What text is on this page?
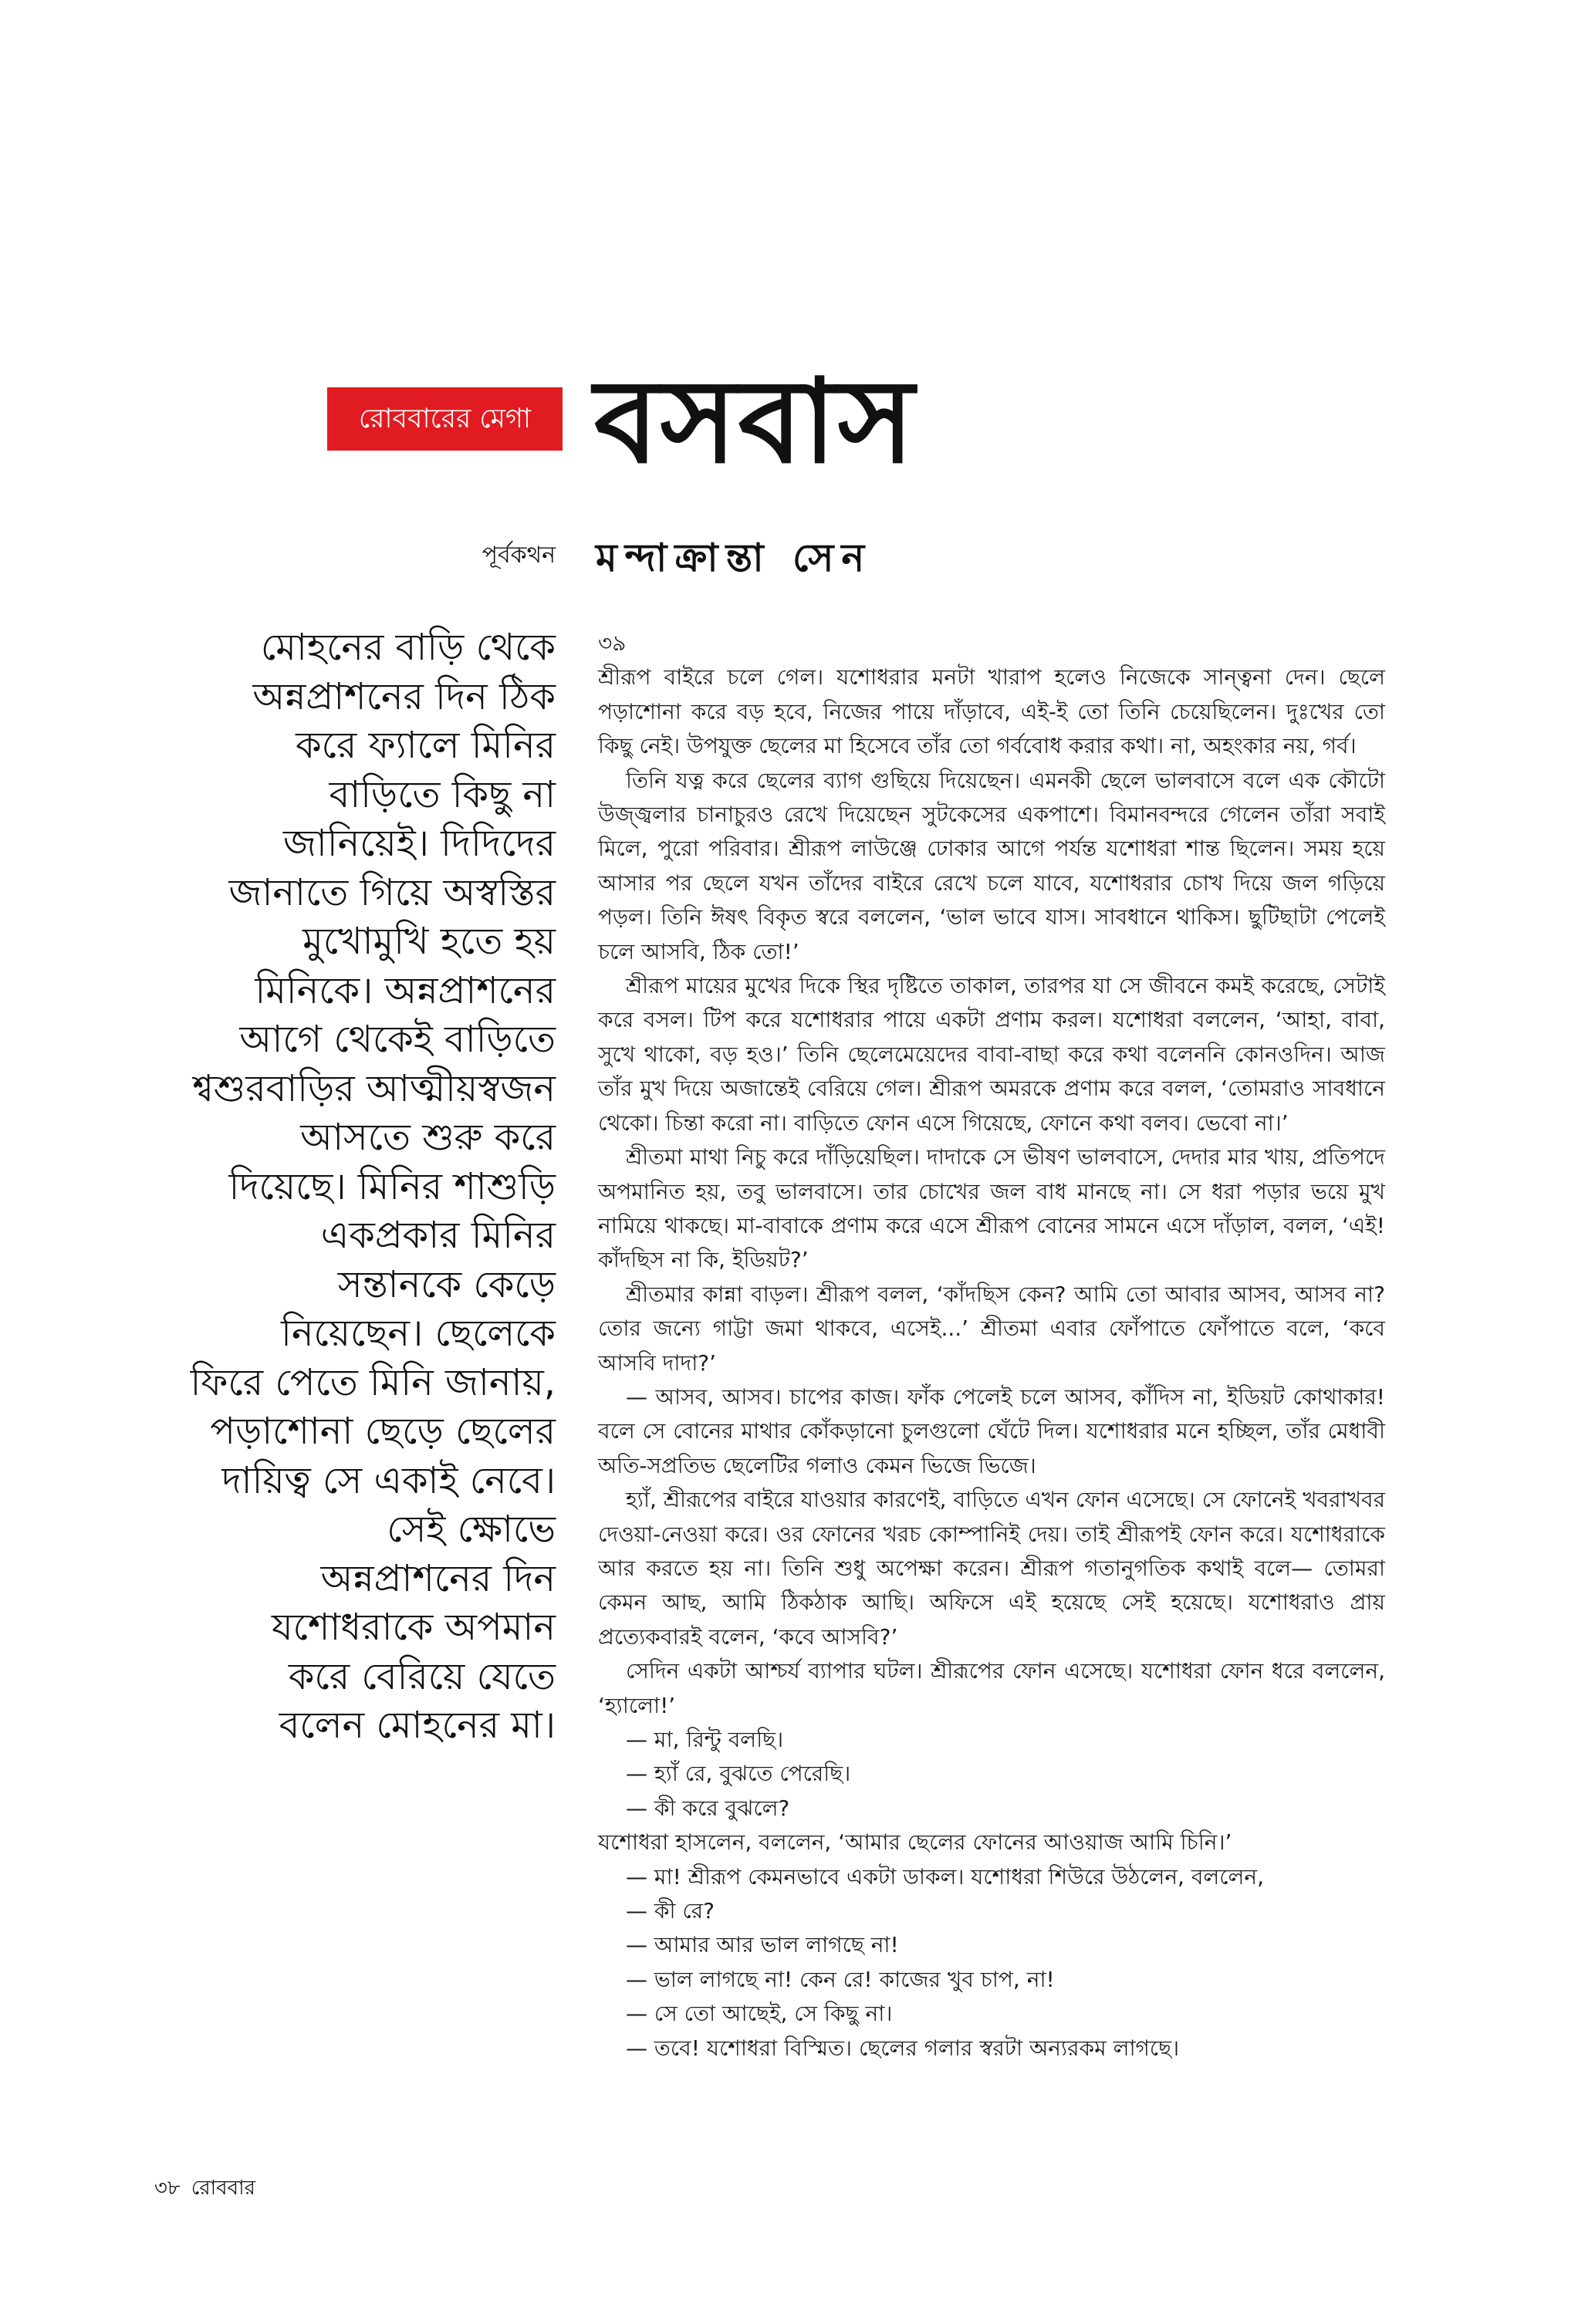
রোববারের মেগা বসবাস
পূর্বকথন মন্দাক্রান্তা সেন
মোহনের বাড়ি থেকে
অন্নপ্রাশনের দিন ঠিক
করে ফ্যালে মিনির
বাড়িতে কিছু না
জানিয়েই। দিদিদের
জানাতে গিয়ে অস্বস্তির
মুখোমুখি হতে হয়
মিনিকে। অন্নপ্রাশনের
আগে থেকেই বাড়িতে
শ্বশুরবাড়ির আত্মীয়স্বজন
আসতে শুরু করে
দিয়েছে। মিনির শাশুড়ি
একপ্রকার মিনির
সন্তানকে কেড়ে
নিয়েছেন। ছেলেকে
ফিরে পেতে মিনি জানায়,
পড়াশোনা ছেড়ে ছেলের
দায়িত্ব সে একাই নেবে।
সেই ক্ষোভে
অন্নপ্রাশনের দিন
যশোধরাকে অপমান
করে বেরিয়ে যেতে
বলেন মোহনের মা।
৩৯

শ্রীরূপ বাইরে চলে গেল। যশোধরার মনটা খারাপ হলেও নিজেকে সান্ত্বনা দেন। ছেলে পড়াশোনা করে বড় হবে, নিজের পায়ে দাঁড়াবে, এই-ই তো তিনি চেয়েছিলেন। দুঃখের তো কিছু নেই। উপযুক্ত ছেলের মা হিসেবে তাঁর তো গর্ববোধ করার কথা। না, অহংকার নয়, গর্ব।

তিনি যত্ন করে ছেলের ব্যাগ গুছিয়ে দিয়েছেন। এমনকী ছেলে ভালবাসে বলে এক কৌটো উজ্জ্বলার চানাচুরও রেখে দিয়েছেন সুটকেসের একপাশে। বিমানবন্দরে গেলেন তাঁরা সবাই মিলে, পুরো পরিবার। শ্রীরূপ লাউঞ্জে ঢোকার আগে পর্যন্ত যশোধরা শান্ত ছিলেন। সময় হয়ে আসার পর ছেলে যখন তাঁদের বাইরে রেখে চলে যাবে, যশোধরার চোখ দিয়ে জল গড়িয়ে পড়ল। তিনি ঈষৎ বিকৃত স্বরে বললেন, ‘ভাল ভাবে যাস। সাবধানে থাকিস। ছুটিছাটা পেলেই চলে আসবি, ঠিক তো!’

শ্রীরূপ মায়ের মুখের দিকে স্থির দৃষ্টিতে তাকাল, তারপর যা সে জীবনে কমই করেছে, সেটাই করে বসল। টিপ করে যশোধরার পায়ে একটা প্রণাম করল। যশোধরা বললেন, ‘আহা, বাবা, সুখে থাকো, বড় হও।’ তিনি ছেলেমেয়েদের বাবা-বাছা করে কথা বলেননি কোনওদিন। আজ তাঁর মুখ দিয়ে অজান্তেই বেরিয়ে গেল। শ্রীরূপ অমরকে প্রণাম করে বলল, ‘তোমরাও সাবধানে থেকো। চিন্তা করো না। বাড়িতে ফোন এসে গিয়েছে, ফোনে কথা বলব। ভেবো না।’

শ্রীতমা মাথা নিচু করে দাঁড়িয়েছিল। দাদাকে সে ভীষণ ভালবাসে, দেদার মার খায়, প্রতিপদে অপমানিত হয়, তবু ভালবাসে। তার চোখের জল বাধ মানছে না। সে ধরা পড়ার ভয়ে মুখ নামিয়ে থাকছে। মা-বাবাকে প্রণাম করে এসে শ্রীরূপ বোনের সামনে এসে দাঁড়াল, বলল, ‘এই! কাঁদছিস না কি, ইডিয়ট?’

শ্রীতমার কান্না বাড়ল। শ্রীরূপ বলল, ‘কাঁদছিস কেন? আমি তো আবার আসব, আসব না? তোর জন্যে গাট্টা জমা থাকবে, এসেই...’ শ্রীতমা এবার ফোঁপাতে ফোঁপাতে বলে, ‘কবে আসবি দাদা?’

— আসব, আসব। চাপের কাজ। ফাঁক পেলেই চলে আসব, কাঁদিস না, ইডিয়ট কোথাকার! বলে সে বোনের মাথার কোঁকড়ানো চুলগুলো ঘেঁটে দিল। যশোধরার মনে হচ্ছিল, তাঁর মেধাবী অতি-সপ্রতিভ ছেলেটির গলাও কেমন ভিজে ভিজে।

হ্যাঁ, শ্রীরূপের বাইরে যাওয়ার কারণেই, বাড়িতে এখন ফোন এসেছে। সে ফোনেই খবরাখবর দেওয়া-নেওয়া করে। ওর ফোনের খরচ কোম্পানিই দেয়। তাই শ্রীরূপই ফোন করে। যশোধরাকে আর করতে হয় না। তিনি শুধু অপেক্ষা করেন। শ্রীরূপ গতানুগতিক কথাই বলে— তোমরা কেমন আছ, আমি ঠিকঠাক আছি। অফিসে এই হয়েছে সেই হয়েছে। যশোধরাও প্রায় প্রত্যেকবারই বলেন, ‘কবে আসবি?’

সেদিন একটা আশ্চর্য ব্যাপার ঘটল। শ্রীরূপের ফোন এসেছে। যশোধরা ফোন ধরে বললেন, ‘হ্যালো!’

— মা, রিন্টু বলছি।

— হ্যাঁ রে, বুঝতে পেরেছি।

— কী করে বুঝলে?

যশোধরা হাসলেন, বললেন, ‘আমার ছেলের ফোনের আওয়াজ আমি চিনি।’

— মা! শ্রীরূপ কেমনভাবে একটা ডাকল। যশোধরা শিউরে উঠলেন, বললেন,

— কী রে?

— আমার আর ভাল লাগছে না!

— ভাল লাগছে না! কেন রে! কাজের খুব চাপ, না!

— সে তো আছেই, সে কিছু না।

— তবে! যশোধরা বিস্মিত। ছেলের গলার স্বরটা অন্যরকম লাগছে।

৩৮ রোববার
